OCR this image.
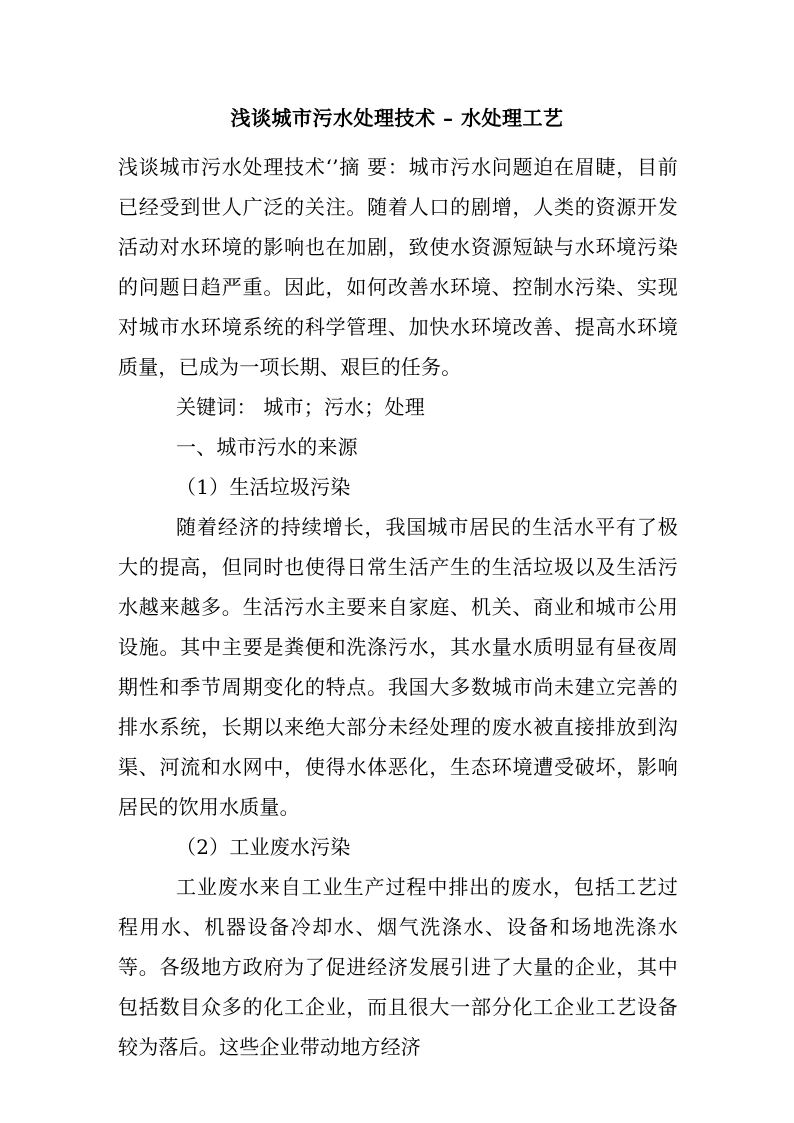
浅谈城市污水处理技术 – 水处理工艺

浅谈城市污水处理技术‘’摘 要：城市污水问题迫在眉睫，目前已经受到世人广泛的关注。随着人口的剧增，人类的资源开发活动对水环境的影响也在加剧，致使水资源短缺与水环境污染的问题日趋严重。因此，如何改善水环境、控制水污染、实现对城市水环境系统的科学管理、加快水环境改善、提高水环境质量，已成为一项长期、艰巨的任务。

关键词： 城市；污水；处理

一、城市污水的来源

（1）生活垃圾污染

随着经济的持续增长，我国城市居民的生活水平有了极大的提高，但同时也使得日常生活产生的生活垃圾以及生活污水越来越多。生活污水主要来自家庭、机关、商业和城市公用设施。其中主要是粪便和洗涤污水，其水量水质明显有昼夜周期性和季节周期变化的特点。我国大多数城市尚未建立完善的排水系统，长期以来绝大部分未经处理的废水被直接排放到沟渠、河流和水网中，使得水体恶化，生态环境遭受破坏，影响居民的饮用水质量。

（2）工业废水污染

工业废水来自工业生产过程中排出的废水，包括工艺过程用水、机器设备冷却水、烟气洗涤水、设备和场地洗涤水等。各级地方政府为了促进经济发展引进了大量的企业，其中包括数目众多的化工企业，而且很大一部分化工企业工艺设备较为落后。这些企业带动地方经济
